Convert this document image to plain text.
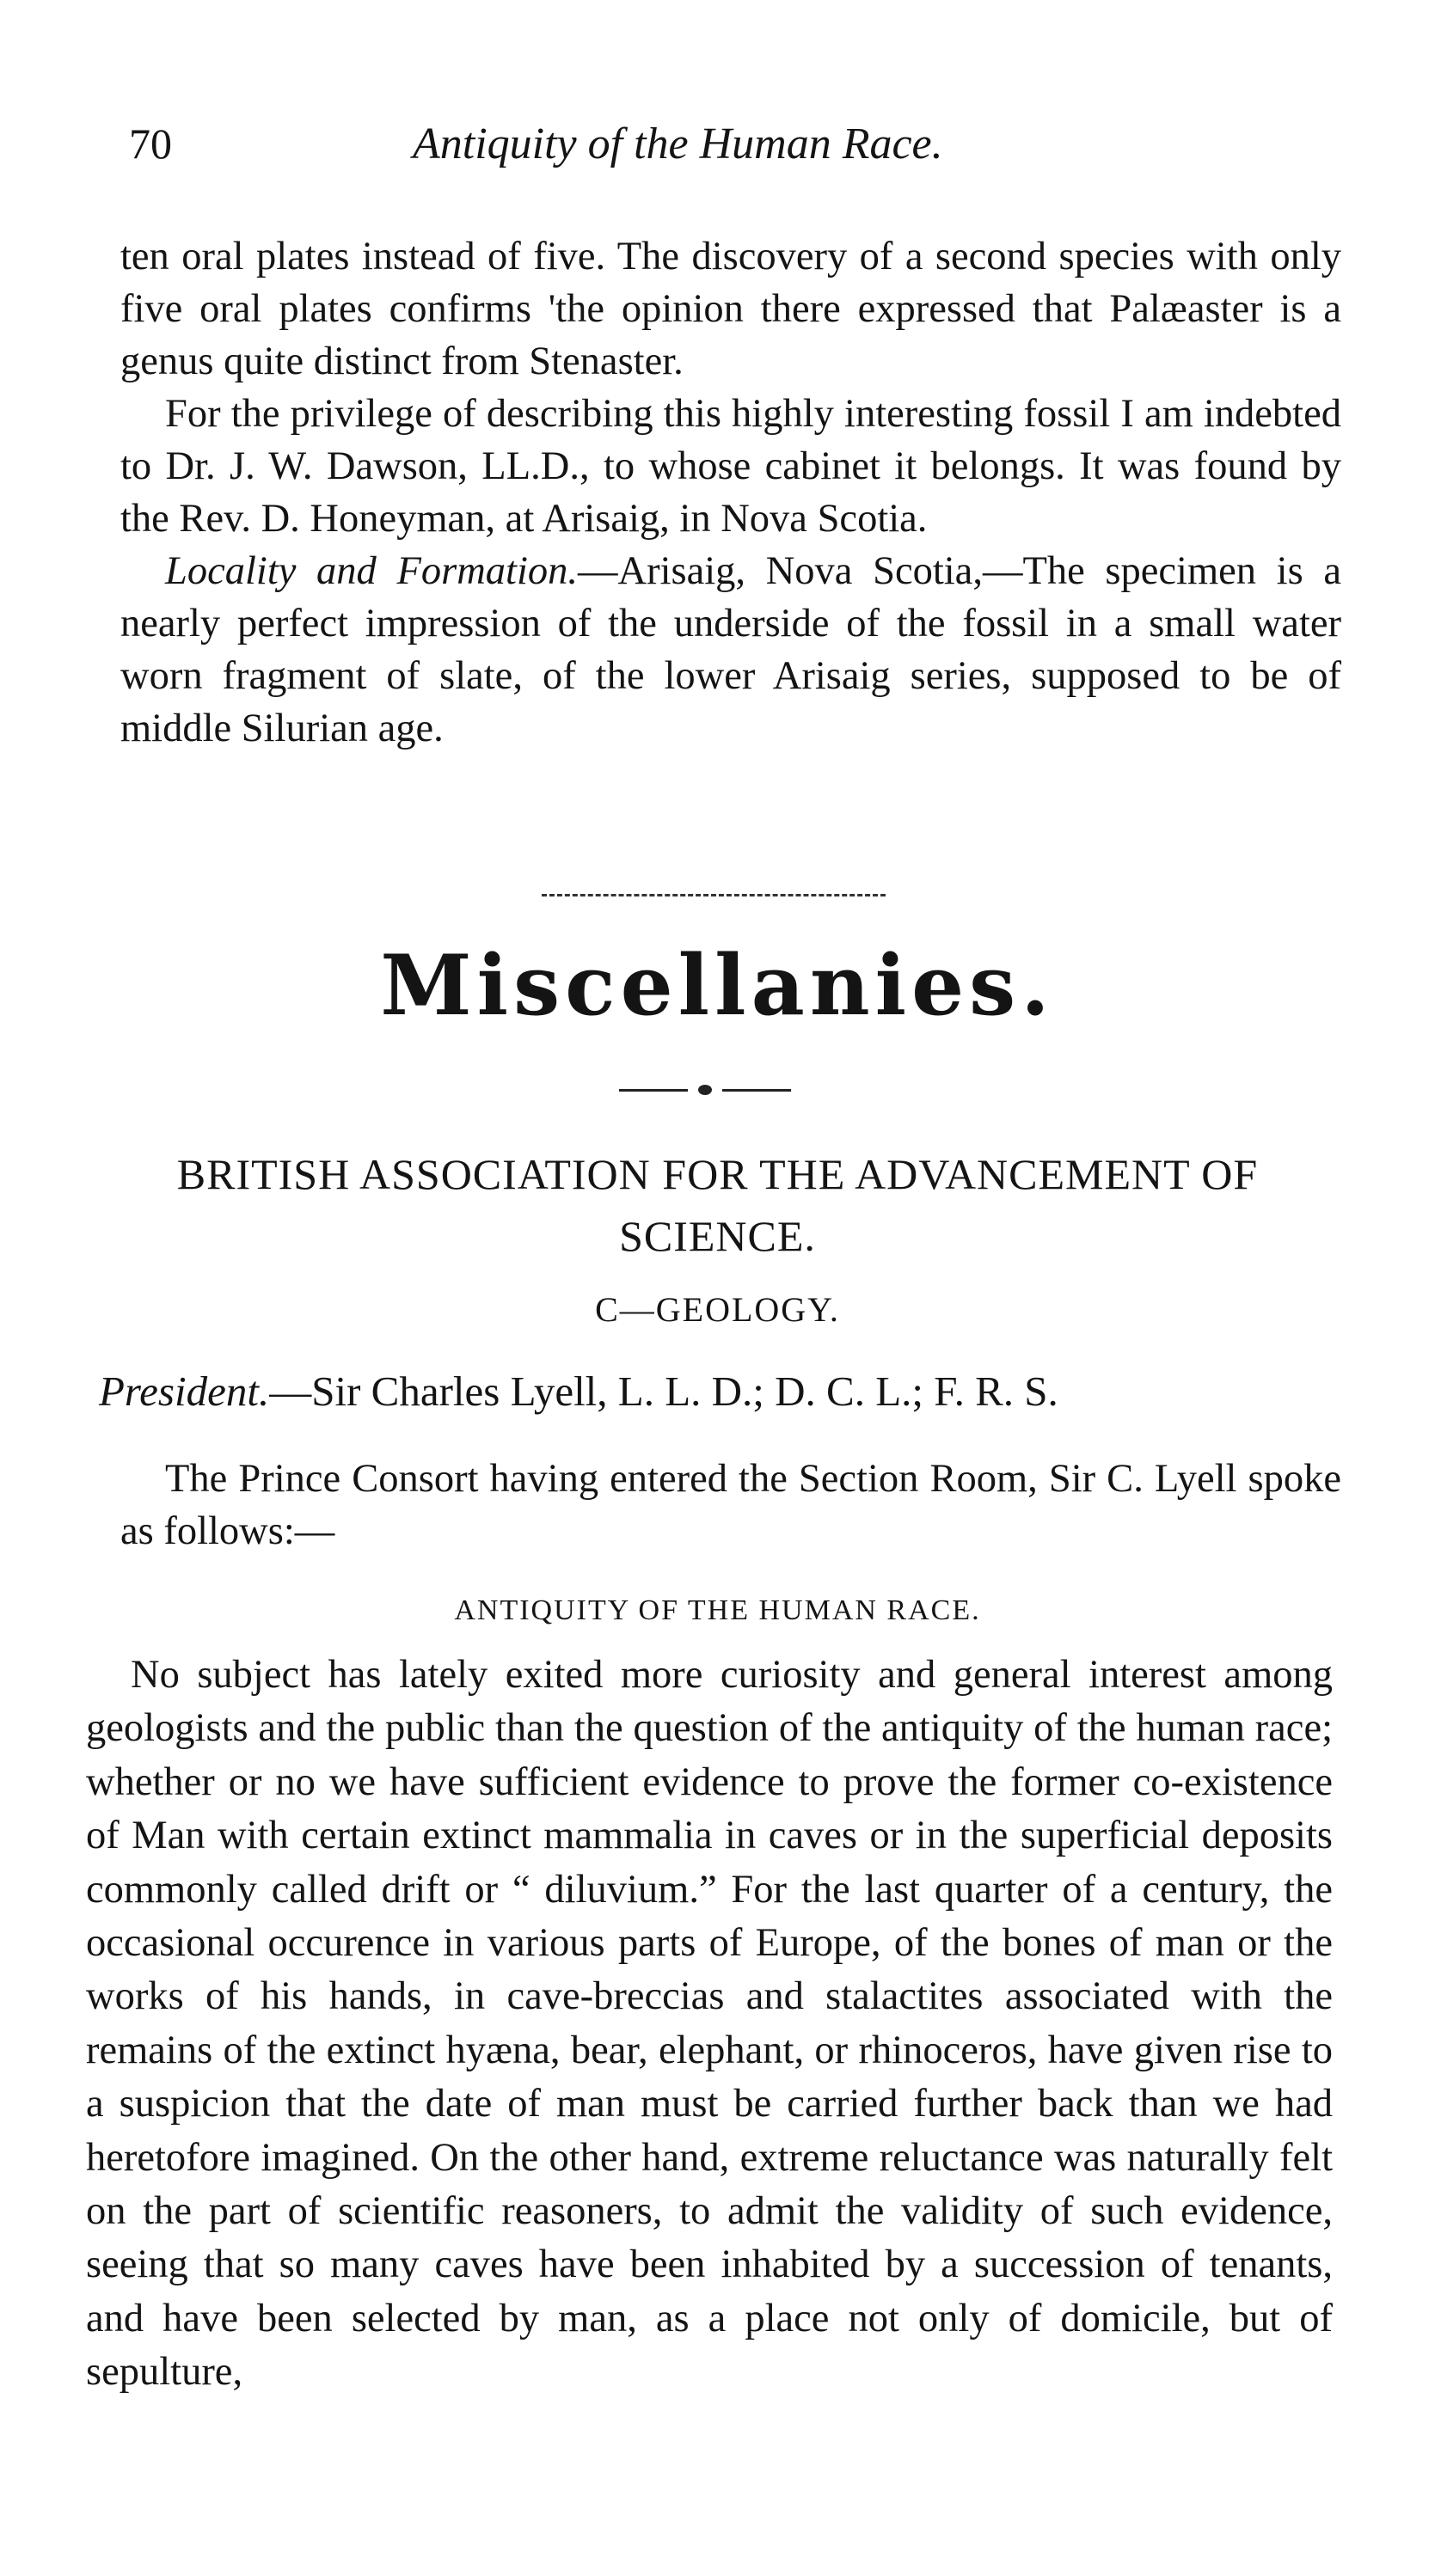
70	Antiquity of the Human Race.

ten oral plates instead of five. The discovery of a second species with only five oral plates confirms 'the opinion there expressed that Palæaster is a genus quite distinct from Stenaster.

For the privilege of describing this highly interesting fossil I am indebted to Dr. J. W. Dawson, LL.D., to whose cabinet it belongs. It was found by the Rev. D. Honeyman, at Arisaig, in Nova Scotia.

Locality and Formation.—Arisaig, Nova Scotia,—The specimen is a nearly perfect impression of the underside of the fossil in a small water worn fragment of slate, of the lower Arisaig series, supposed to be of middle Silurian age.

Miscellanies.
BRITISH ASSOCIATION FOR THE ADVANCEMENT OF SCIENCE.
C—GEOLOGY.
President.—Sir Charles Lyell, L. L. D.; D. C. L.; F. R. S.

The Prince Consort having entered the Section Room, Sir C. Lyell spoke as follows:—

ANTIQUITY OF THE HUMAN RACE.

No subject has lately exited more curiosity and general interest among geologists and the public than the question of the antiquity of the human race; whether or no we have sufficient evidence to prove the former co-existence of Man with certain extinct mammalia in caves or in the superficial deposits commonly called drift or “ diluvium.” For the last quarter of a century, the occasional occurence in various parts of Europe, of the bones of man or the works of his hands, in cave-breccias and stalactites associated with the remains of the extinct hyæna, bear, elephant, or rhinoceros, have given rise to a suspicion that the date of man must be carried further back than we had heretofore imagined. On the other hand, extreme reluctance was naturally felt on the part of scientific reasoners, to admit the validity of such evidence, seeing that so many caves have been inhabited by a succession of tenants, and have been selected by man, as a place not only of domicile, but of sepulture,
